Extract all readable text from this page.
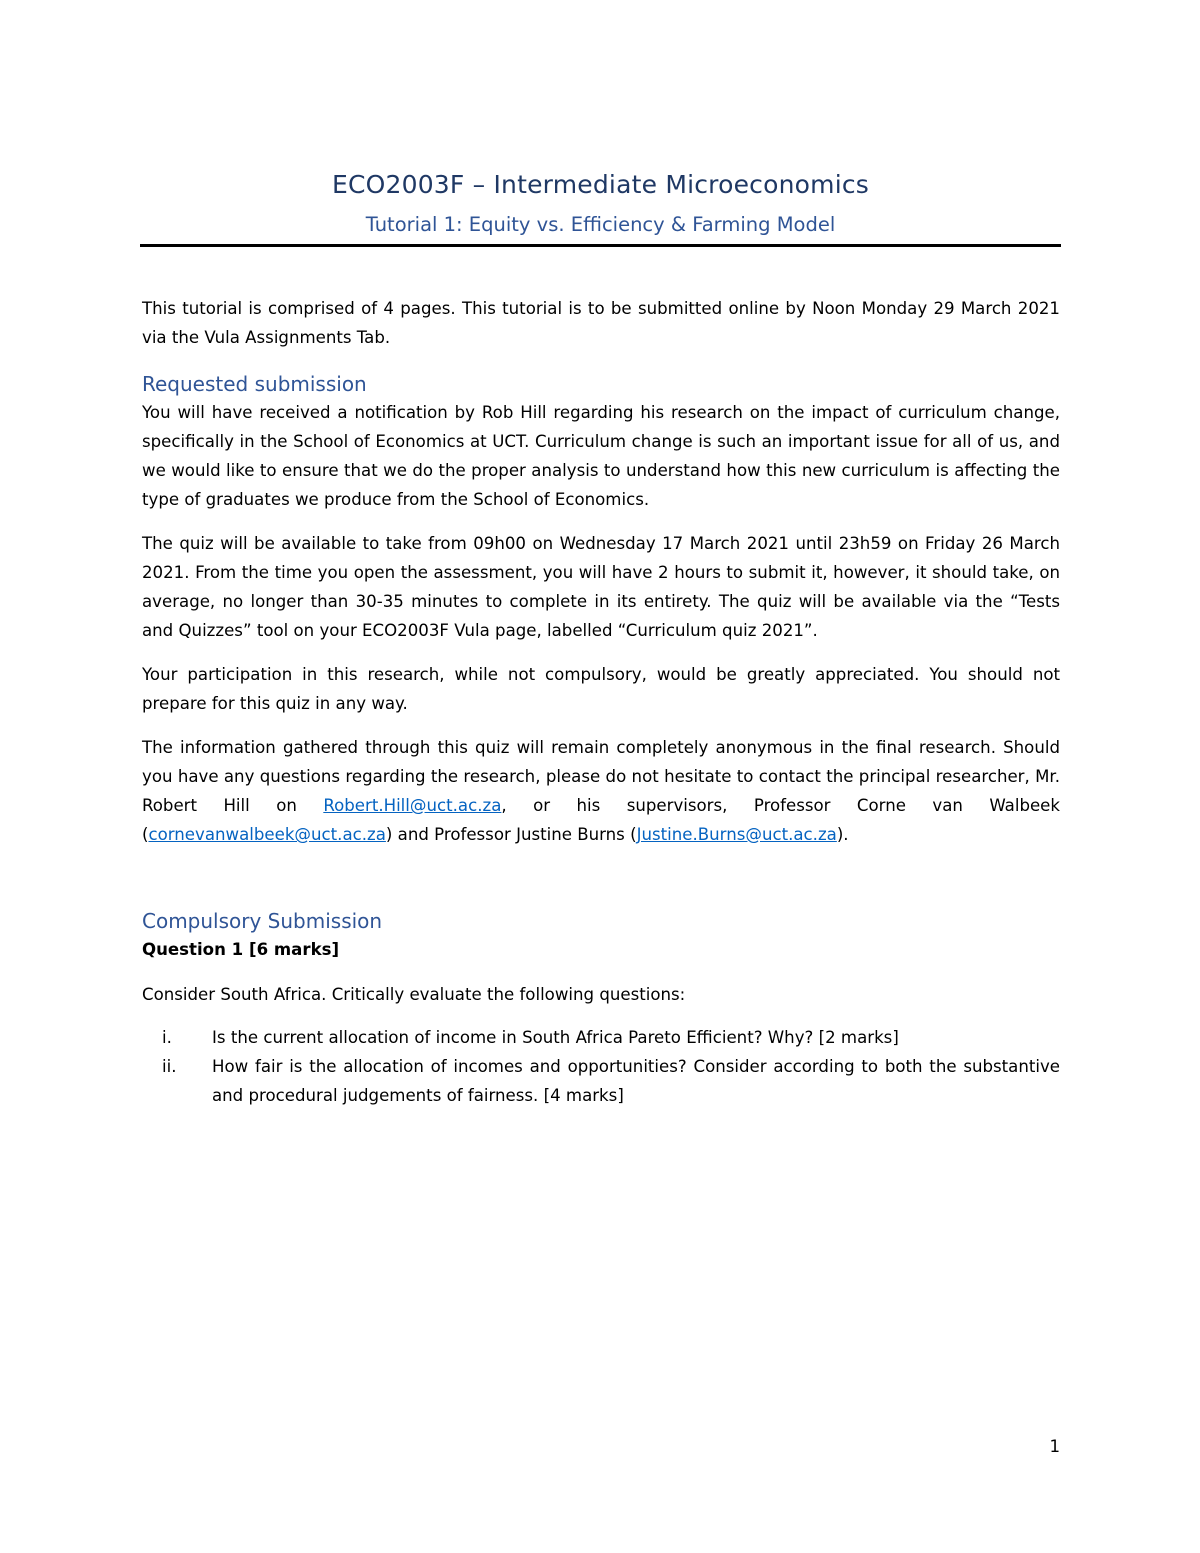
ECO2003F – Intermediate Microeconomics
Tutorial 1: Equity vs. Efficiency & Farming Model

This tutorial is comprised of 4 pages. This tutorial is to be submitted online by Noon Monday 29 March 2021 via the Vula Assignments Tab.

Requested submission

You will have received a notification by Rob Hill regarding his research on the impact of curriculum change, specifically in the School of Economics at UCT. Curriculum change is such an important issue for all of us, and we would like to ensure that we do the proper analysis to understand how this new curriculum is affecting the type of graduates we produce from the School of Economics.

The quiz will be available to take from 09h00 on Wednesday 17 March 2021 until 23h59 on Friday 26 March 2021. From the time you open the assessment, you will have 2 hours to submit it, however, it should take, on average, no longer than 30-35 minutes to complete in its entirety. The quiz will be available via the “Tests and Quizzes” tool on your ECO2003F Vula page, labelled “Curriculum quiz 2021”.

Your participation in this research, while not compulsory, would be greatly appreciated. You should not prepare for this quiz in any way.

The information gathered through this quiz will remain completely anonymous in the final research. Should you have any questions regarding the research, please do not hesitate to contact the principal researcher, Mr. Robert Hill on Robert.Hill@uct.ac.za, or his supervisors, Professor Corne van Walbeek (cornevanwalbeek@uct.ac.za) and Professor Justine Burns (Justine.Burns@uct.ac.za).

Compulsory Submission

Question 1 [6 marks]

Consider South Africa. Critically evaluate the following questions:

i.	Is the current allocation of income in South Africa Pareto Efficient? Why? [2 marks]
ii.	How fair is the allocation of incomes and opportunities? Consider according to both the substantive and procedural judgements of fairness. [4 marks]
1
